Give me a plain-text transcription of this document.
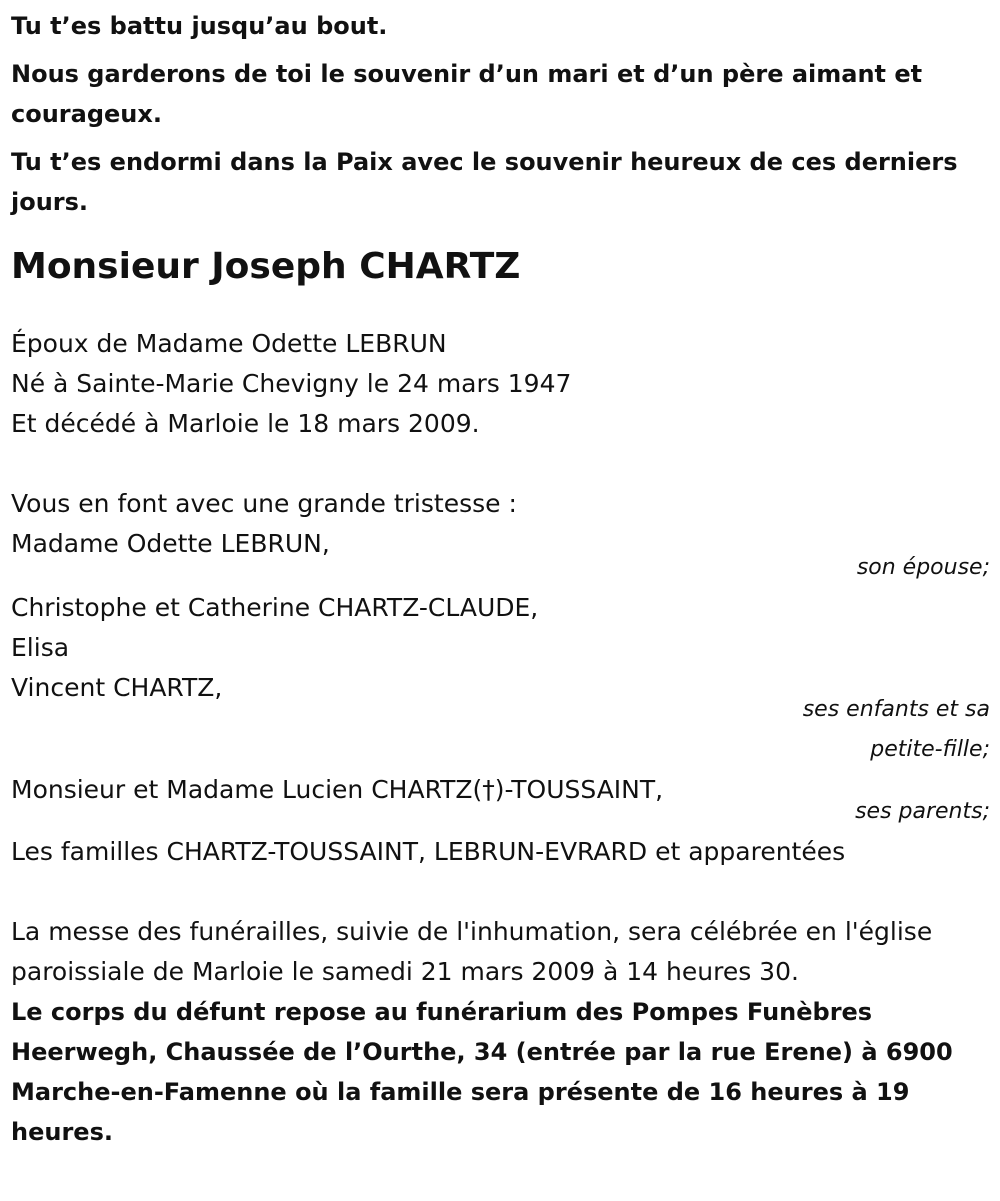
Tu t’es battu jusqu’au bout.

Nous garderons de toi le souvenir d’un mari et d’un père aimant et courageux.

Tu t’es endormi dans la Paix avec le souvenir heureux de ces derniers jours.

Monsieur Joseph CHARTZ
Époux de Madame Odette LEBRUN
Né à Sainte-Marie Chevigny le 24 mars 1947
Et décédé à Marloie le 18 mars 2009.
Vous en font avec une grande tristesse :
Madame Odette LEBRUN,
son épouse;
Christophe et Catherine CHARTZ-CLAUDE,
Elisa
Vincent CHARTZ,
ses enfants et sa
petite-fille;
Monsieur et Madame Lucien CHARTZ(†)-TOUSSAINT,
ses parents;
Les familles CHARTZ-TOUSSAINT, LEBRUN-EVRARD et apparentées

La messe des funérailles, suivie de l'inhumation, sera célébrée en l'église paroissiale de Marloie le samedi 21 mars 2009 à 14 heures 30.

Le corps du défunt repose au funérarium des Pompes Funèbres Heerwegh, Chaussée de l’Ourthe, 34 (entrée par la rue Erene) à 6900 Marche-en-Famenne où la famille sera présente de 16 heures à 19 heures.
